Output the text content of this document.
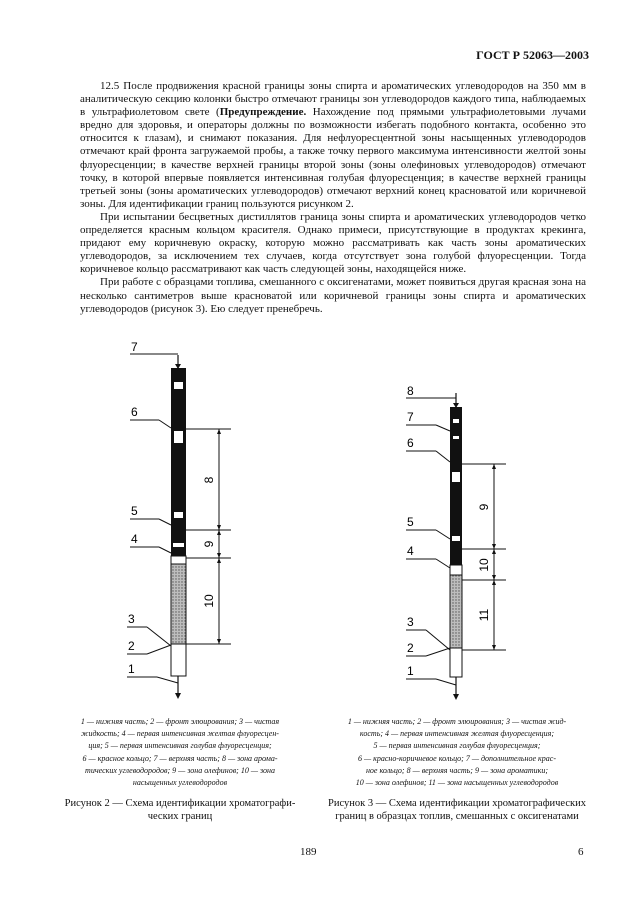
ГОСТ Р 52063—2003

12.5 После продвижения красной границы зоны спирта и ароматических углеводородов на 350 мм в аналитическую секцию колонки быстро отмечают границы зон углеводородов каждого типа, наблюдаемых в ультрафиолетовом свете (Предупреждение. Нахождение под прямыми ультрафиолетовыми лучами вредно для здоровья, и операторы должны по возможности избегать подобного контакта, особенно это относится к глазам), и снимают показания. Для нефлуоресцентной зоны насыщенных углеводородов отмечают край фронта загружаемой пробы, а также точку первого максимума интенсивности желтой зоны флуоресценции; в качестве верхней границы второй зоны (зоны олефиновых углеводородов) отмечают точку, в которой впервые появляется интенсивная голубая флуоресценция; в качестве верхней границы третьей зоны (зоны ароматических углеводородов) отмечают верхний конец красноватой или коричневой зоны. Для идентификации границ пользуются рисунком 2.

При испытании бесцветных дистиллятов граница зоны спирта и ароматических углеводородов четко определяется красным кольцом красителя. Однако примеси, присутствующие в продуктах крекинга, придают ему коричневую окраску, которую можно рассматривать как часть зоны ароматических углеводородов, за исключением тех случаев, когда отсутствует зона голубой флуоресценции. Тогда коричневое кольцо рассматривают как часть следующей зоны, находящейся ниже.

При работе с образцами топлива, смешанного с оксигенатами, может появиться другая красная зона на несколько сантиметров выше красноватой или коричневой границы зоны спирта и ароматических углеводородов (рисунок 3). Ею следует пренебречь.

7
6
5
4
3
2
1
8
9
10
1 — нижняя часть; 2 — фронт элюирования; 3 — чистая
жидкость; 4 — первая интенсивная желтая флуоресцен-
ция; 5 — первая интенсивная голубая флуоресценция;
6 — красное кольцо; 7 — верхняя часть; 8 — зона арома-
тических углеводородов; 9 — зона олефинов; 10 — зона
насыщенных углеводородов
Рисунок 2 — Схема идентификации хроматографи-
ческих границ
8
7
6
5
4
3
2
1
9
10
11
1 — нижняя часть; 2 — фронт элюирования; 3 — чистая жид-
кость; 4 — первая интенсивная желтая флуоресценция;
5 — первая интенсивная голубая флуоресценция;
6 — красно-коричневое кольцо; 7 — дополнительное крас-
ное кольцо; 8 — верхняя часть; 9 — зона ароматики;
10 — зона олефинов; 11 — зона насыщенных углеводородов
Рисунок 3 — Схема идентификации хроматографических
границ в образцах топлив, смешанных с оксигенатами
189	6
